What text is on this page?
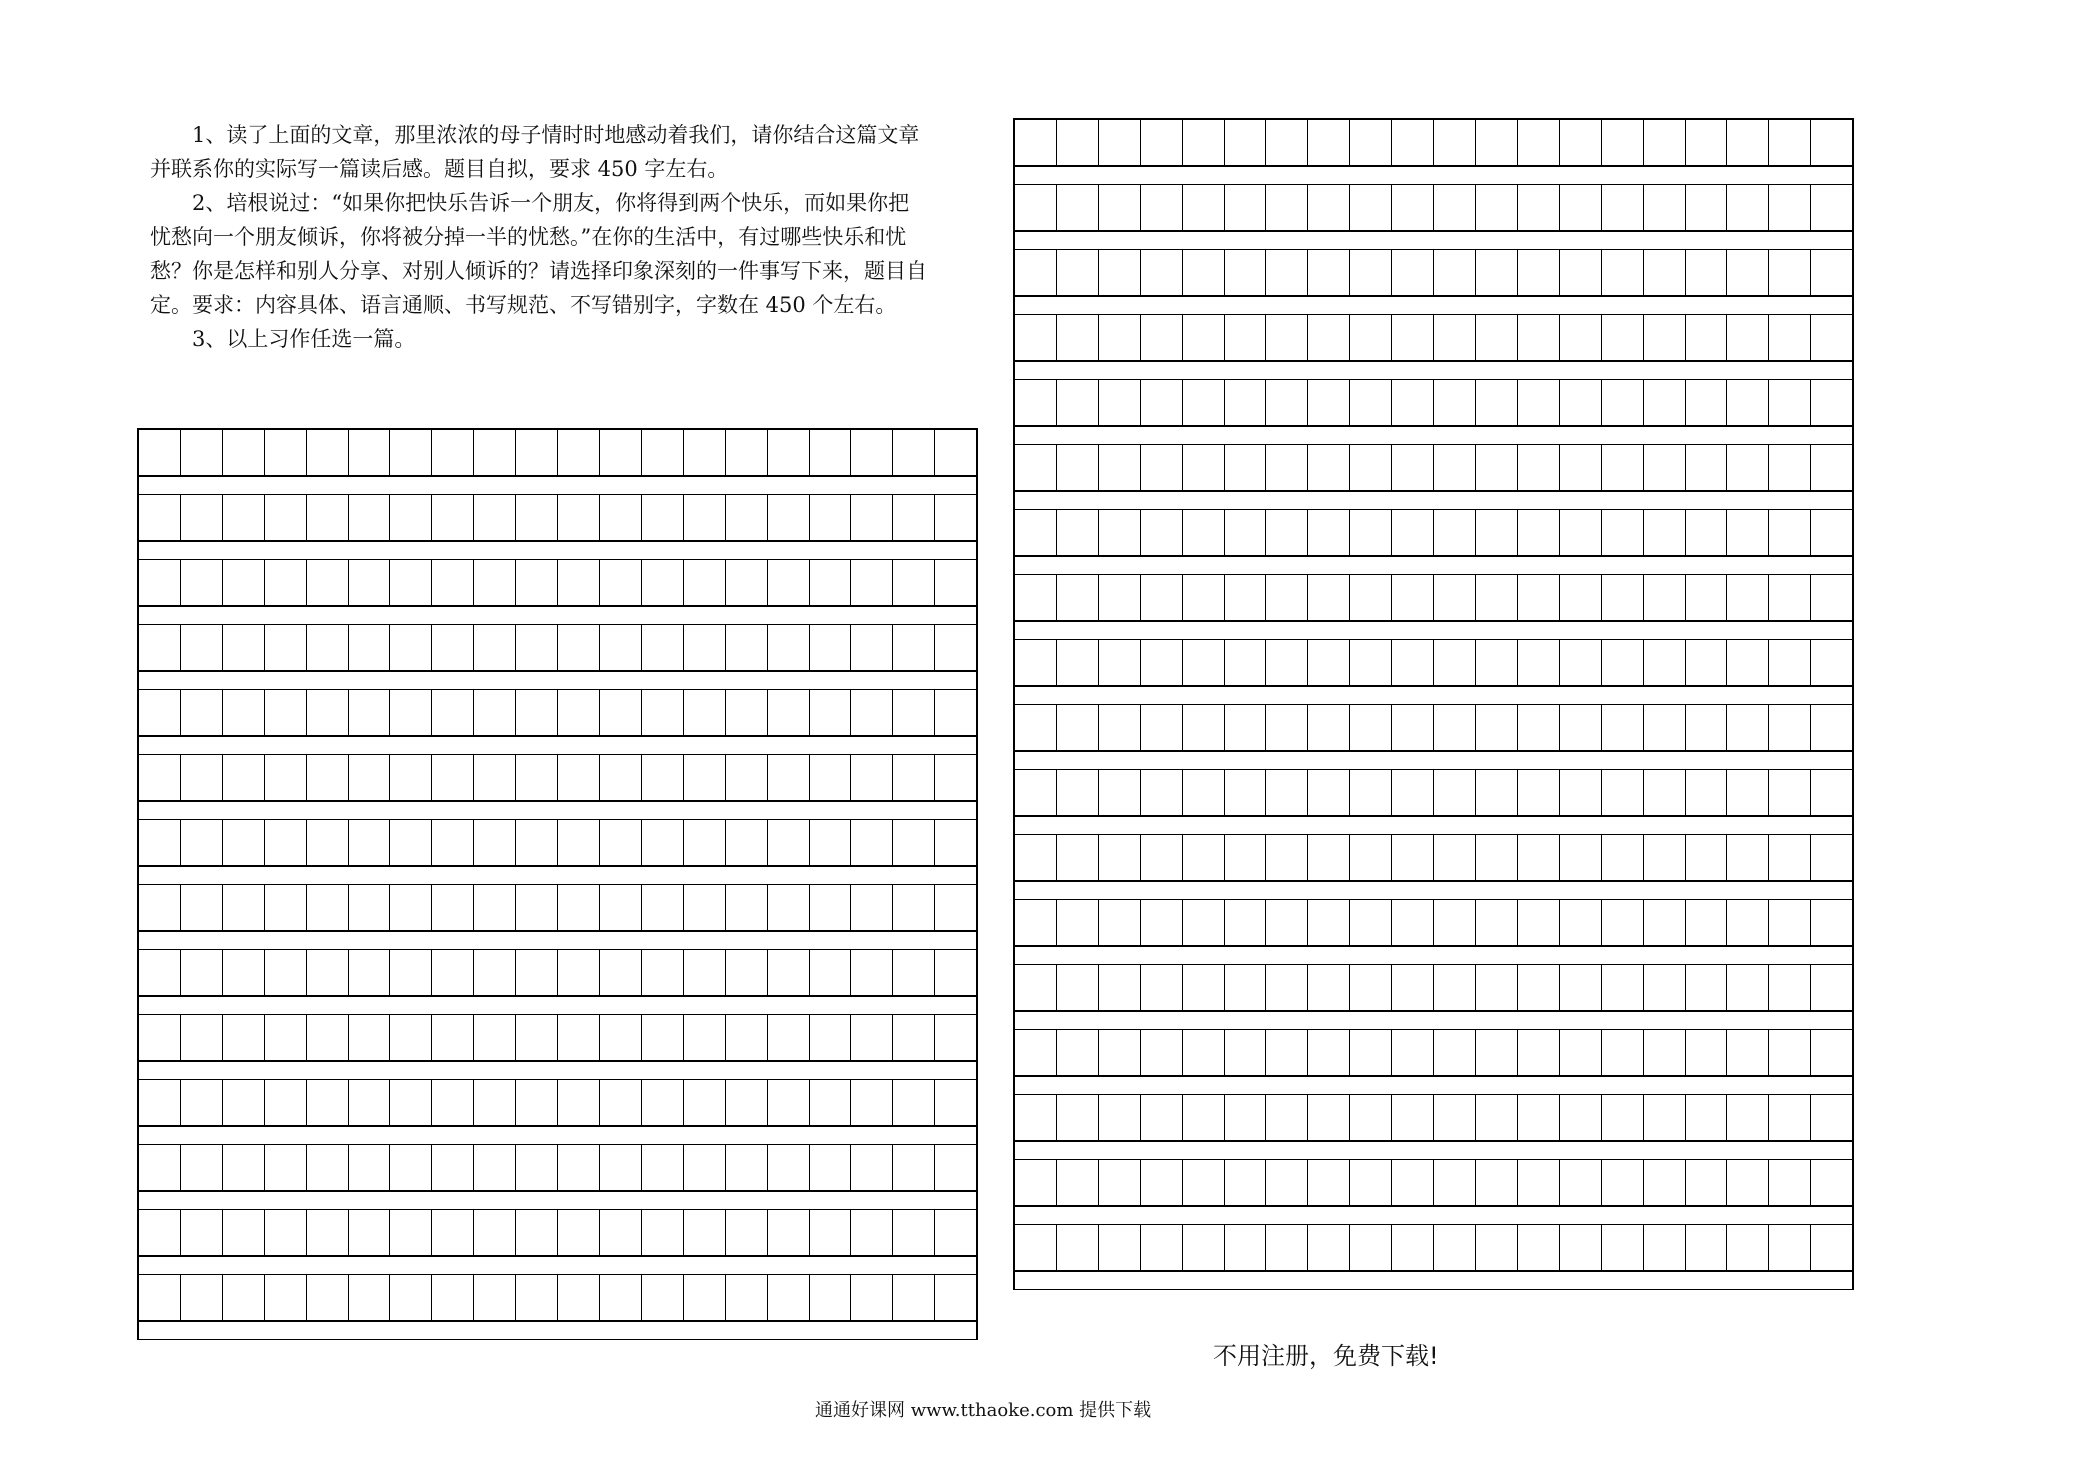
1、读了上面的文章，那里浓浓的母子情时时地感动着我们，请你结合这篇文章并联系你的实际写一篇读后感。题目自拟，要求 450 字左右。

2、培根说过：“如果你把快乐告诉一个朋友，你将得到两个快乐，而如果你把忧愁向一个朋友倾诉，你将被分掉一半的忧愁。”在你的生活中，有过哪些快乐和忧愁？你是怎样和别人分享、对别人倾诉的？请选择印象深刻的一件事写下来，题目自定。要求：内容具体、语言通顺、书写规范、不写错别字，字数在 450 个左右。

3、以上习作任选一篇。

不用注册，免费下载!
通通好课网 www.tthaoke.com 提供下载
